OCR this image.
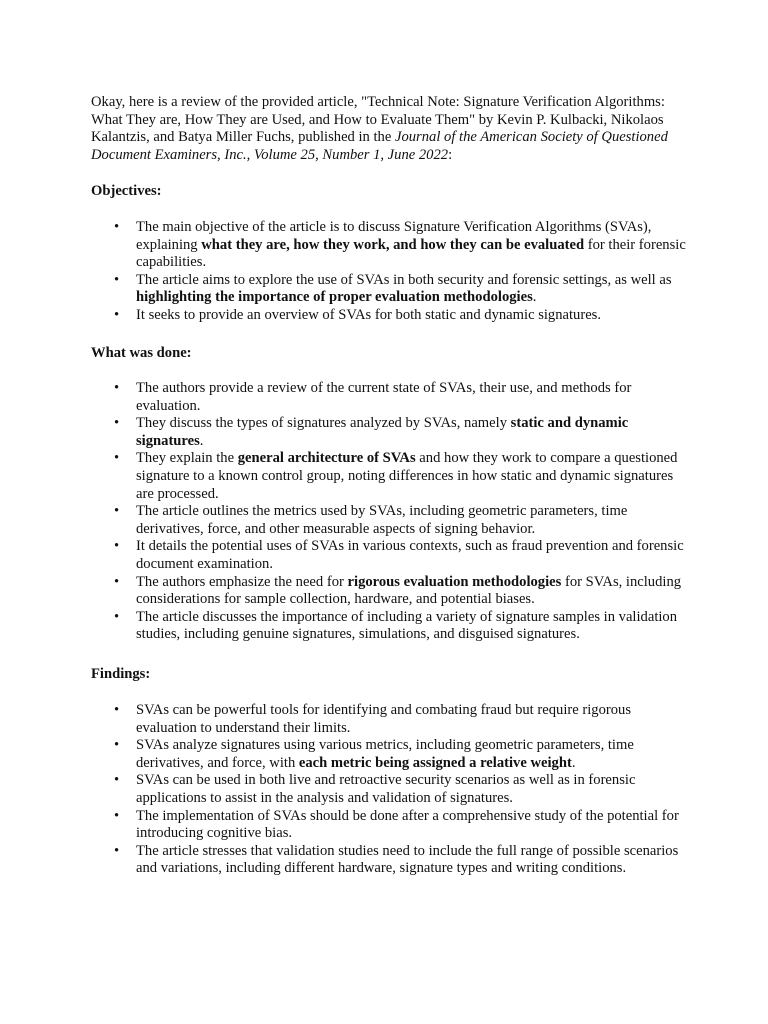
Okay, here is a review of the provided article, "Technical Note: Signature Verification Algorithms: What They are, How They are Used, and How to Evaluate Them" by Kevin P. Kulbacki, Nikolaos Kalantzis, and Batya Miller Fuchs, published in the Journal of the American Society of Questioned Document Examiners, Inc., Volume 25, Number 1, June 2022:

Objectives:

• The main objective of the article is to discuss Signature Verification Algorithms (SVAs), explaining what they are, how they work, and how they can be evaluated for their forensic capabilities.
• The article aims to explore the use of SVAs in both security and forensic settings, as well as highlighting the importance of proper evaluation methodologies.
• It seeks to provide an overview of SVAs for both static and dynamic signatures.

What was done:

• The authors provide a review of the current state of SVAs, their use, and methods for evaluation.
• They discuss the types of signatures analyzed by SVAs, namely static and dynamic signatures.
• They explain the general architecture of SVAs and how they work to compare a questioned signature to a known control group, noting differences in how static and dynamic signatures are processed.
• The article outlines the metrics used by SVAs, including geometric parameters, time derivatives, force, and other measurable aspects of signing behavior.
• It details the potential uses of SVAs in various contexts, such as fraud prevention and forensic document examination.
• The authors emphasize the need for rigorous evaluation methodologies for SVAs, including considerations for sample collection, hardware, and potential biases.
• The article discusses the importance of including a variety of signature samples in validation studies, including genuine signatures, simulations, and disguised signatures.

Findings:

• SVAs can be powerful tools for identifying and combating fraud but require rigorous evaluation to understand their limits.
• SVAs analyze signatures using various metrics, including geometric parameters, time derivatives, and force, with each metric being assigned a relative weight.
• SVAs can be used in both live and retroactive security scenarios as well as in forensic applications to assist in the analysis and validation of signatures.
• The implementation of SVAs should be done after a comprehensive study of the potential for introducing cognitive bias.
• The article stresses that validation studies need to include the full range of possible scenarios and variations, including different hardware, signature types and writing conditions.
